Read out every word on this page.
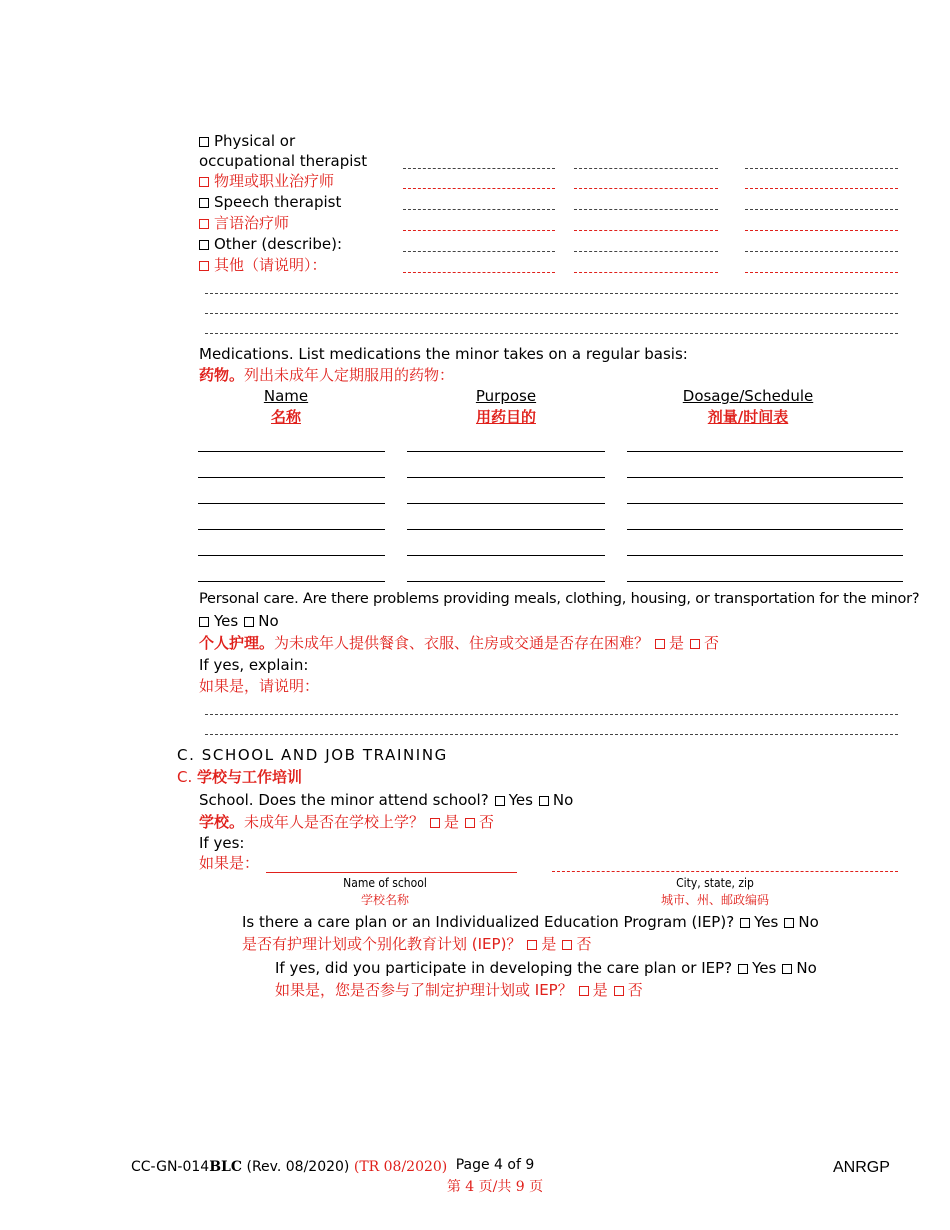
Physical or
occupational therapist
物理或职业治疗师
Speech therapist
言语治疗师
Other (describe):
其他（请说明）：
Medications. List medications the minor takes on a regular basis:
药物。列出未成年人定期服用的药物：
Name
名称
Purpose
用药目的
Dosage/Schedule
剂量/时间表
Personal care. Are there problems providing meals, clothing, housing, or transportation for the minor?
Yes No
个人护理。为未成年人提供餐食、衣服、住房或交通是否存在困难？ 是 否
If yes, explain:
如果是，请说明：
C. SCHOOL AND JOB TRAINING
C. 学校与工作培训
School. Does the minor attend school? Yes No
学校。未成年人是否在学校上学？ 是 否
If yes:
如果是：
Name of school
学校名称
City, state, zip
城市、州、邮政编码
Is there a care plan or an Individualized Education Program (IEP)? Yes No
是否有护理计划或个别化教育计划 (IEP)？ 是 否
If yes, did you participate in developing the care plan or IEP? Yes No
如果是，您是否参与了制定护理计划或 IEP？ 是 否
CC-GN-014BLC (Rev. 08/2020) (TR 08/2020) Page 4 of 9
第 4 页/共 9 页
ANRGP
